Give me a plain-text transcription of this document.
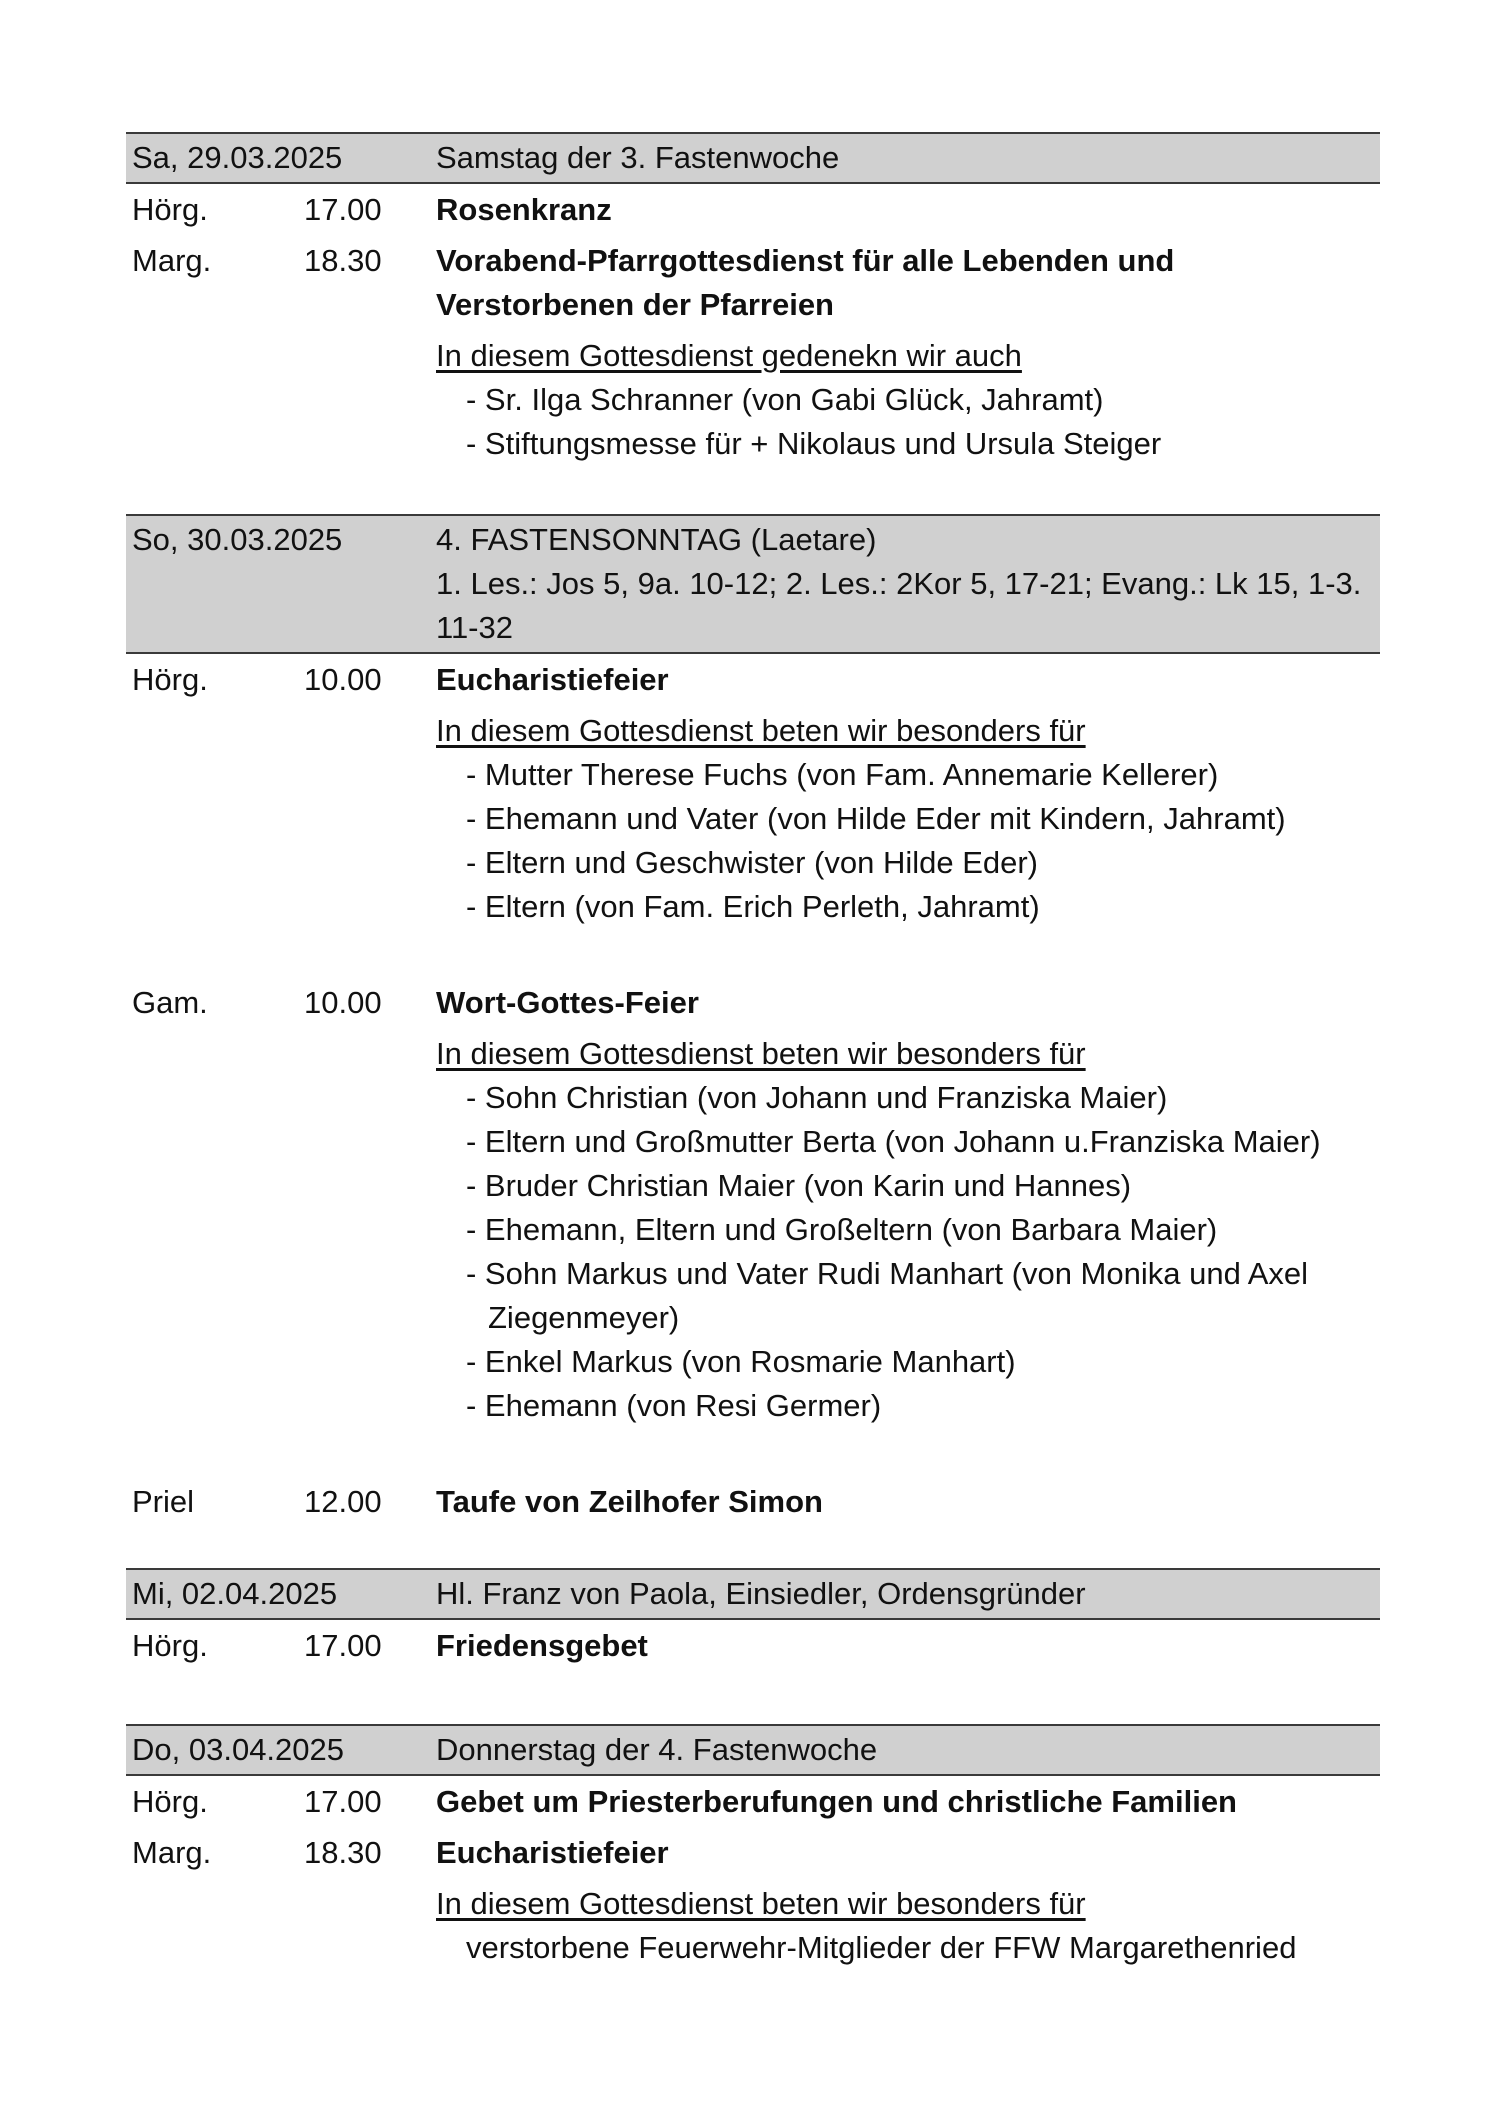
Sa, 29.03.2025	Samstag der 3. Fastenwoche
Hörg.	17.00 Rosenkranz
Marg.	18.30 Vorabend-Pfarrgottesdienst für alle Lebenden und
Verstorbenen der Pfarreien
In diesem Gottesdienst gedenekn wir auch
- Sr. Ilga Schranner (von Gabi Glück, Jahramt)
- Stiftungsmesse für + Nikolaus und Ursula Steiger
So, 30.03.2025	4. FASTENSONNTAG (Laetare)
1. Les.: Jos 5, 9a. 10-12; 2. Les.: 2Kor 5, 17-21; Evang.: Lk 15, 1-3.
11-32
Hörg.	10.00 Eucharistiefeier
In diesem Gottesdienst beten wir besonders für
- Mutter Therese Fuchs (von Fam. Annemarie Kellerer)
- Ehemann und Vater (von Hilde Eder mit Kindern, Jahramt)
- Eltern und Geschwister (von Hilde Eder)
- Eltern (von Fam. Erich Perleth, Jahramt)
Gam.	10.00 Wort-Gottes-Feier
In diesem Gottesdienst beten wir besonders für
- Sohn Christian (von Johann und Franziska Maier)
- Eltern und Großmutter Berta (von Johann u.Franziska Maier)
- Bruder Christian Maier (von Karin und Hannes)
- Ehemann, Eltern und Großeltern (von Barbara Maier)
- Sohn Markus und Vater Rudi Manhart (von Monika und Axel
Ziegenmeyer)
- Enkel Markus (von Rosmarie Manhart)
- Ehemann (von Resi Germer)
Priel	12.00 Taufe von Zeilhofer Simon
Mi, 02.04.2025	Hl. Franz von Paola, Einsiedler, Ordensgründer
Hörg.	17.00 Friedensgebet
Do, 03.04.2025	Donnerstag der 4. Fastenwoche
Hörg.	17.00 Gebet um Priesterberufungen und christliche Familien
Marg.	18.30 Eucharistiefeier
In diesem Gottesdienst beten wir besonders für
verstorbene Feuerwehr-Mitglieder der FFW Margarethenried
